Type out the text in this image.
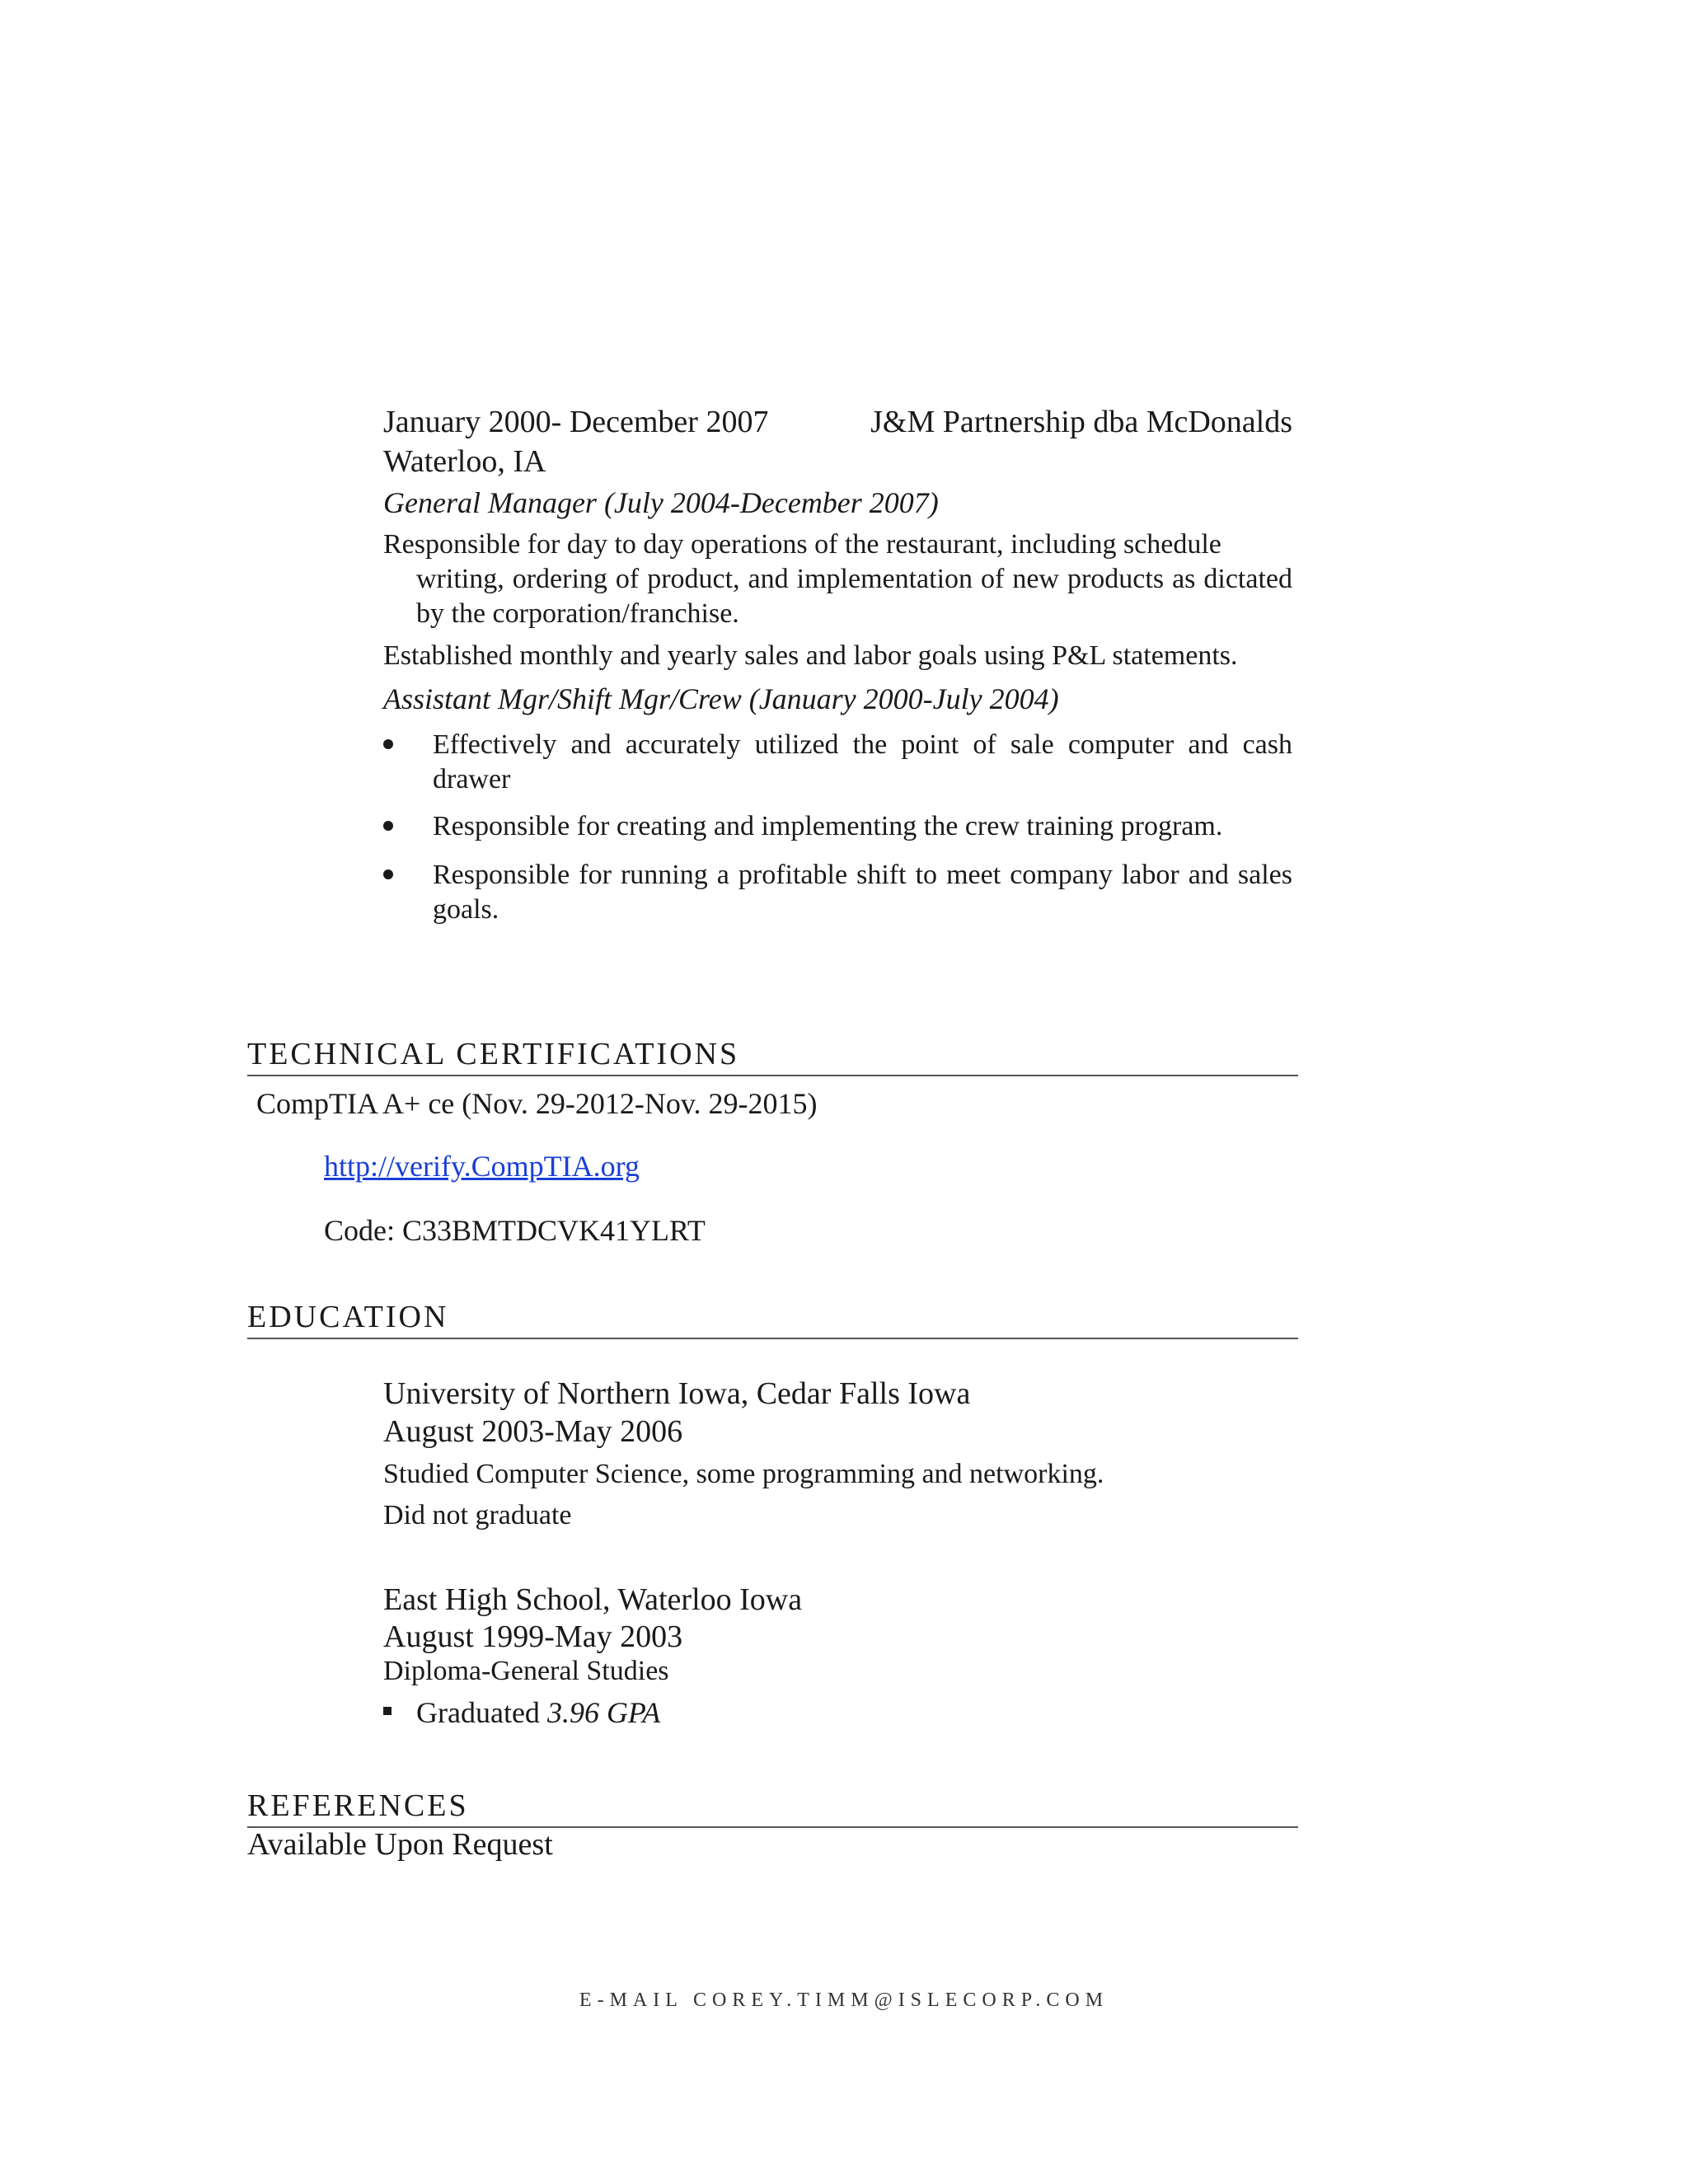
January 2000- December 2007	J&M Partnership dba McDonalds
Waterloo, IA
General Manager (July 2004-December 2007)
Responsible for day to day operations of the restaurant, including schedule
writing, ordering of product, and implementation of new products as dictated by the corporation/franchise.
Established monthly and yearly sales and labor goals using P&L statements.
Assistant Mgr/Shift Mgr/Crew (January 2000-July 2004)
Effectively and accurately utilized the point of sale computer and cash drawer
Responsible for creating and implementing the crew training program.
Responsible for running a profitable shift to meet company labor and sales goals.
TECHNICAL CERTIFICATIONS
CompTIA A+ ce (Nov. 29-2012-Nov. 29-2015)
http://verify.CompTIA.org
Code: C33BMTDCVK41YLRT
EDUCATION
University of Northern Iowa, Cedar Falls Iowa
August 2003-May 2006
Studied Computer Science, some programming and networking.
Did not graduate
East High School, Waterloo Iowa
August 1999-May 2003
Diploma-General Studies
Graduated 3.96 GPA
REFERENCES
Available Upon Request
E-MAIL COREY.TIMM@ISLECORP.COM
